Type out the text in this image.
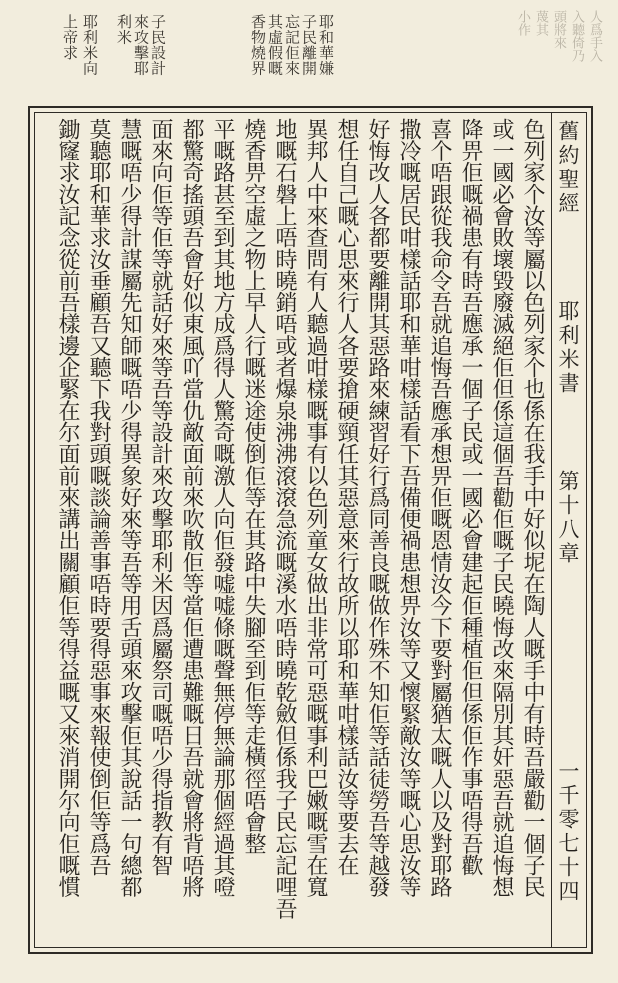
人爲手入
入聽倚乃
頭將來
蔑其
小作
耶和華嫌
子民離開
忘記佢來
其虛假嘅
香物燒界
子民設計
來攻擊耶
利米
耶利米向
上帝求
舊約聖經
耶利米書
第十八章
一千零七十四
色列家个汝等屬以色列家个也係在我手中好似坭在陶人嘅手中有時吾嚴勸一個子民
或一國必會敗壞毀廢滅絕佢但係這個吾勸佢嘅子民曉悔改來隔別其奸惡吾就追悔想
降畀佢嘅禍患有時吾應承一個子民或一國必會建起佢種植佢但係佢作事唔得吾歡
喜个唔跟從我命令吾就追悔吾應承想畀佢嘅恩情汝今下要對屬猶太嘅人以及對耶路
撒冷嘅居民咁樣話耶和華咁樣話看下吾備便禍患想畀汝等又懷緊敵汝等嘅心思汝等
好悔改人各都要離開其惡路來練習好行爲同善良嘅做作殊不知佢等話徒勞吾等越發
想任自己嘅心思來行人各要搶硬頸任其惡意來行故所以耶和華咁樣話汝等要去在
異邦人中來查問有人聽過咁樣嘅事有以色列童女做出非常可惡嘅事利巴嫩嘅雪在寬
地嘅石磐上唔時曉銷唔或者爆泉沸沸滾滾急流嘅溪水唔時曉乾斂但係我子民忘記哩吾
燒香畀空虛之物上早人行嘅迷途使倒佢等在其路中失腳至到佢等走橫徑唔會整
平嘅路甚至到其地方成爲得人驚奇嘅激人向佢發嘘嘘條嘅聲無停無論那個經過其噔
都驚奇搖頭吾會好似東風吖當仇敵面前來吹散佢等當佢遭患難嘅日吾就會將背唔將
面來向佢等佢等就話好來等吾等設計來攻擊耶利米因爲屬祭司嘅唔少得指教有智
慧嘅唔少得計謀屬先知師嘅唔少得異象好來等吾等用舌頭來攻擊佢其說話一句總都
莫聽耶和華求汝垂顧吾又聽下我對頭嘅談論善事唔時要得惡事來報使倒佢等爲吾
鋤窿求汝記念從前吾樣邊企緊在尔面前來講出關顧佢等得益嘅又來消開尔向佢嘅慣
